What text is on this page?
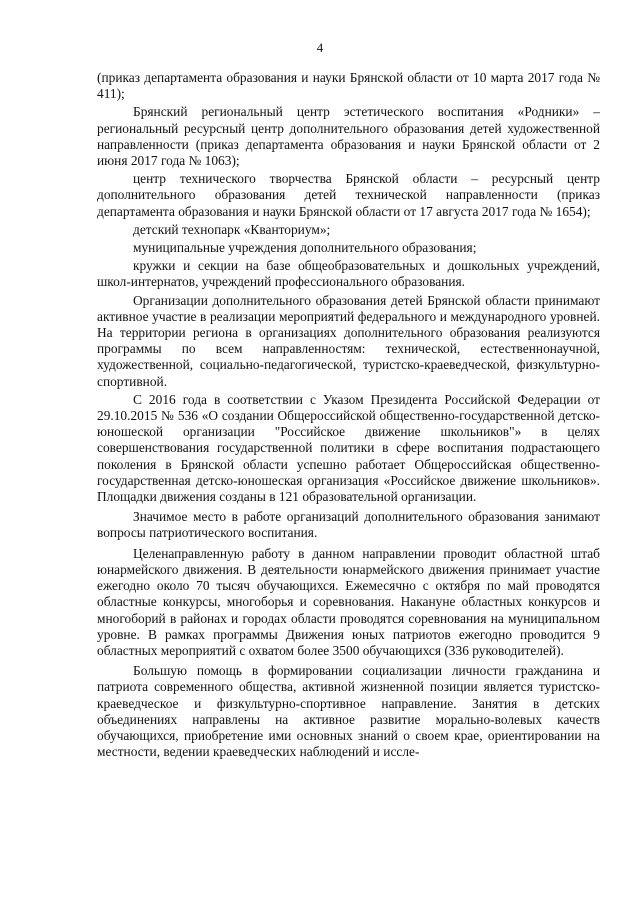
4

(приказ департамента образования и науки Брянской области от 10 марта 2017 года № 411);

Брянский региональный центр эстетического воспитания «Родники» – региональный ресурсный центр дополнительного образования детей художественной направленности (приказ департамента образования и науки Брянской области от 2 июня 2017 года № 1063);

центр технического творчества Брянской области – ресурсный центр дополнительного образования детей технической направленности (приказ департамента образования и науки Брянской области от 17 августа 2017 года № 1654);

детский технопарк «Кванториум»;

муниципальные учреждения дополнительного образования;

кружки и секции на базе общеобразовательных и дошкольных учреждений, школ-интернатов, учреждений профессионального образования.

Организации дополнительного образования детей Брянской области принимают активное участие в реализации мероприятий федерального и международного уровней. На территории региона в организациях дополнительного образования реализуются программы по всем направленностям: технической, естественнонаучной, художественной, социально-педагогической, туристско-краеведческой, физкультурно-спортивной.

С 2016 года в соответствии с Указом Президента Российской Федерации от 29.10.2015 № 536 «О создании Общероссийской общественно-государственной детско-юношеской организации "Российское движение школьников"» в целях совершенствования государственной политики в сфере воспитания подрастающего поколения в Брянской области успешно работает Общероссийская общественно-государственная детско-юношеская организация «Российское движение школьников». Площадки движения созданы в 121 образовательной организации.

Значимое место в работе организаций дополнительного образования занимают вопросы патриотического воспитания.

Целенаправленную работу в данном направлении проводит областной штаб юнармейского движения. В деятельности юнармейского движения принимает участие ежегодно около 70 тысяч обучающихся. Ежемесячно с октября по май проводятся областные конкурсы, многоборья и соревнования. Накануне областных конкурсов и многоборий в районах и городах области проводятся соревнования на муниципальном уровне. В рамках программы Движения юных патриотов ежегодно проводится 9 областных мероприятий с охватом более 3500 обучающихся (336 руководителей).

Большую помощь в формировании социализации личности гражданина и патриота современного общества, активной жизненной позиции является туристско-краеведческое и физкультурно-спортивное направление. Занятия в детских объединениях направлены на активное развитие морально-волевых качеств обучающихся, приобретение ими основных знаний о своем крае, ориентировании на местности, ведении краеведческих наблюдений и иссле-
